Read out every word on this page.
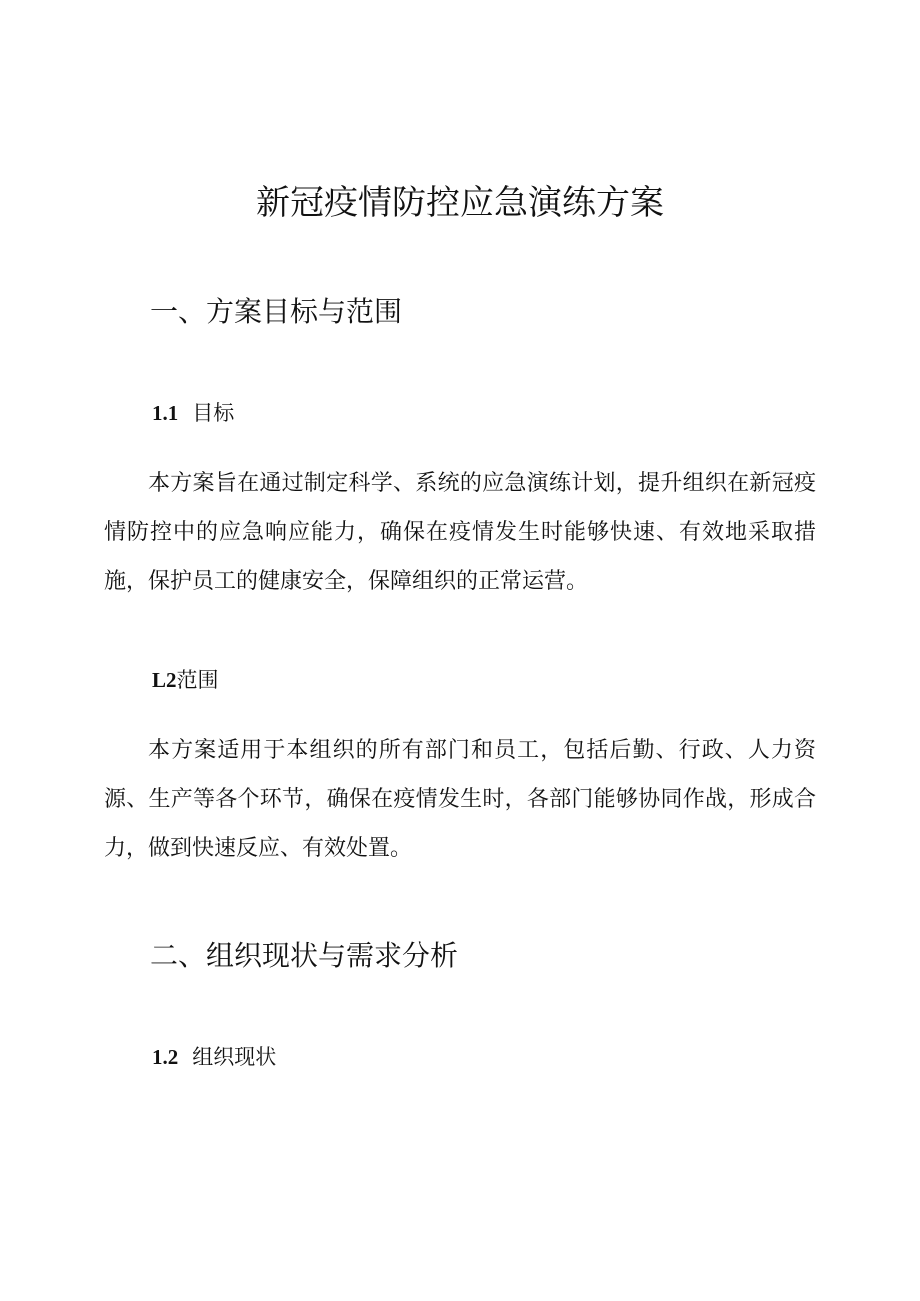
新冠疫情防控应急演练方案
一、方案目标与范围
1.1 目标

本方案旨在通过制定科学、系统的应急演练计划，提升组织在新冠疫情防控中的应急响应能力，确保在疫情发生时能够快速、有效地采取措施，保护员工的健康安全，保障组织的正常运营。

L2范围

本方案适用于本组织的所有部门和员工，包括后勤、行政、人力资源、生产等各个环节，确保在疫情发生时，各部门能够协同作战，形成合力，做到快速反应、有效处置。

二、组织现状与需求分析
1.2 组织现状
